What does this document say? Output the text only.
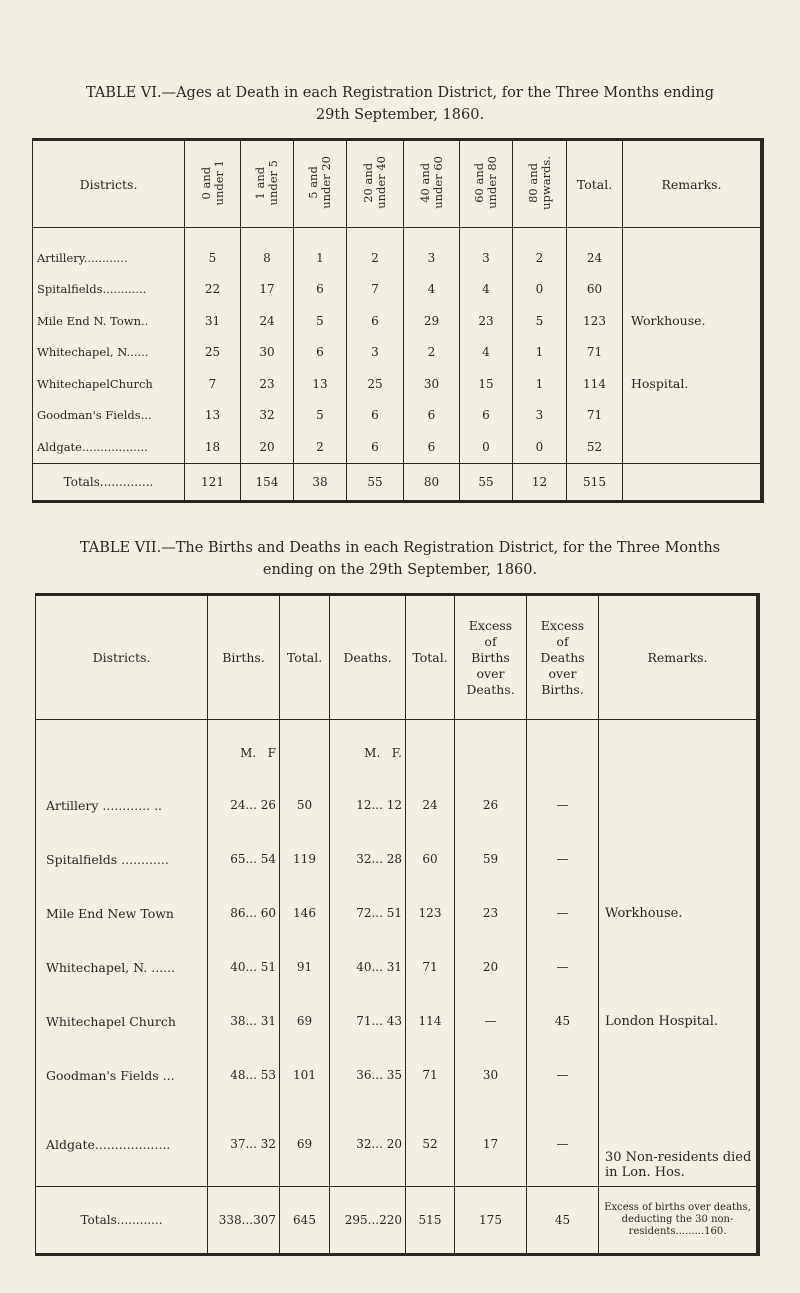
TABLE VI.—Ages at Death in each Registration District, for the Three Months ending
29th September, 1860.
Districts.	0 and
under 1	1 and
under 5	5 and
under 20	20 and
under 40	40 and
under 60	60 and
under 80	80 and
upwards.	Total.	Remarks.
Artillery............	5	8	1	2	3	3	2	24	
Spitalfields............	22	17	6	7	4	4	0	60	
Mile End N. Town..	31	24	5	6	29	23	5	123	Workhouse.
Whitechapel, N......	25	30	6	3	2	4	1	71	
WhitechapelChurch	7	23	13	25	30	15	1	114	Hospital.
Goodman's Fields...	13	32	5	6	6	6	3	71	
Aldgate..................	18	20	2	6	6	0	0	52	
Totals..............	121	154	38	55	80	55	12	515	
TABLE VII.—The Births and Deaths in each Registration District, for the Three Months
ending on the 29th September, 1860.
Districts.	Births.	Total.	Deaths.	Total.	Excess
of
Births
over
Deaths.	Excess
of
Deaths
over
Births.	Remarks.
	M.   F		M.   F.				
Artillery ............ ..	24... 26	50	12... 12	24	26	—	
Spitalfields ............	65... 54	119	32... 28	60	59	—	
Mile End New Town	86... 60	146	72... 51	123	23	—	Workhouse.
Whitechapel, N. ......	40... 51	91	40... 31	71	20	—	
Whitechapel Church	38... 31	69	71... 43	114	—	45	London Hospital.
Goodman's Fields ...	48... 53	101	36... 35	71	30	—	
Aldgate...................	37... 32	69	32... 20	52	17	—	30 Non-residents died in Lon. Hos.
Totals............	338...307	645	295...220	515	175	45	Excess of births over deaths, deducting the 30 non-residents.........160.
